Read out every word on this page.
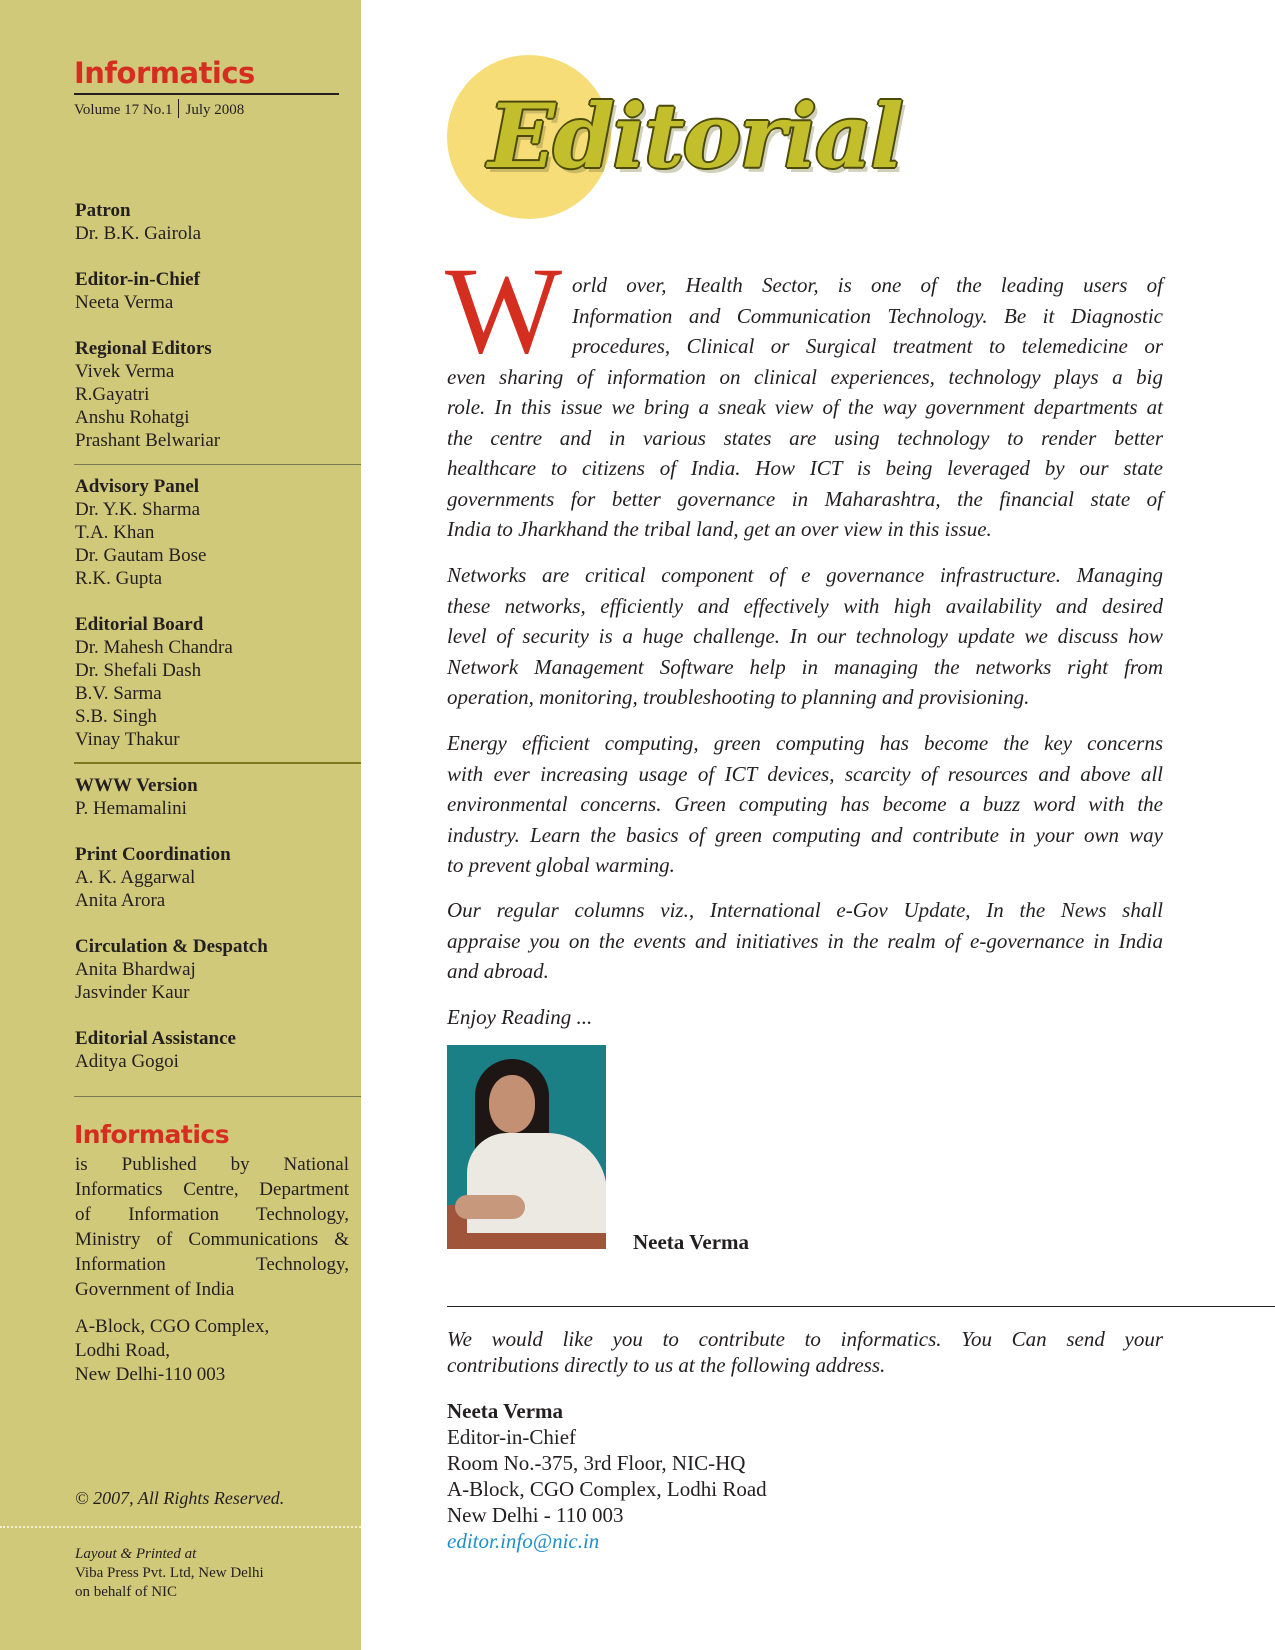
Informatics
Volume 17 No.1 July 2008
Patron
Dr. B.K. Gairola
Editor-in-Chief
Neeta Verma
Regional Editors
Vivek Verma
R.Gayatri
Anshu Rohatgi
Prashant Belwariar
Advisory Panel
Dr. Y.K. Sharma
T.A. Khan
Dr. Gautam Bose
R.K. Gupta
Editorial Board
Dr. Mahesh Chandra
Dr. Shefali Dash
B.V. Sarma
S.B. Singh
Vinay Thakur
WWW Version
P. Hemamalini
Print Coordination
A. K. Aggarwal
Anita Arora
Circulation & Despatch
Anita Bhardwaj
Jasvinder Kaur
Editorial Assistance
Aditya Gogoi
Informatics
is Published by National
Informatics Centre, Department
of Information Technology,
Ministry of Communications &
Information Technology,
Government of India
A-Block, CGO Complex,
Lodhi Road,
New Delhi-110 003
© 2007, All Rights Reserved.
Layout & Printed at
Viba Press Pvt. Ltd, New Delhi
on behalf of NIC
Editorial
W orld over, Health Sector, is one of the leading users of
Information and Communication Technology. Be it Diagnostic
procedures, Clinical or Surgical treatment to telemedicine or
even sharing of information on clinical experiences, technology plays a big
role. In this issue we bring a sneak view of the way government departments at
the centre and in various states are using technology to render better
healthcare to citizens of India. How ICT is being leveraged by our state
governments for better governance in Maharashtra, the financial state of
India to Jharkhand the tribal land, get an over view in this issue.
Networks are critical component of e governance infrastructure. Managing
these networks, efficiently and effectively with high availability and desired
level of security is a huge challenge. In our technology update we discuss how
Network Management Software help in managing the networks right from
operation, monitoring, troubleshooting to planning and provisioning.
Energy efficient computing, green computing has become the key concerns
with ever increasing usage of ICT devices, scarcity of resources and above all
environmental concerns. Green computing has become a buzz word with the
industry. Learn the basics of green computing and contribute in your own way
to prevent global warming.
Our regular columns viz., International e-Gov Update, In the News shall
appraise you on the events and initiatives in the realm of e-governance in India
and abroad.
Enjoy Reading ...
Neeta Verma
We would like you to contribute to informatics. You Can send your
contributions directly to us at the following address.
Neeta Verma
Editor-in-Chief
Room No.-375, 3rd Floor, NIC-HQ
A-Block, CGO Complex, Lodhi Road
New Delhi - 110 003
editor.info@nic.in
